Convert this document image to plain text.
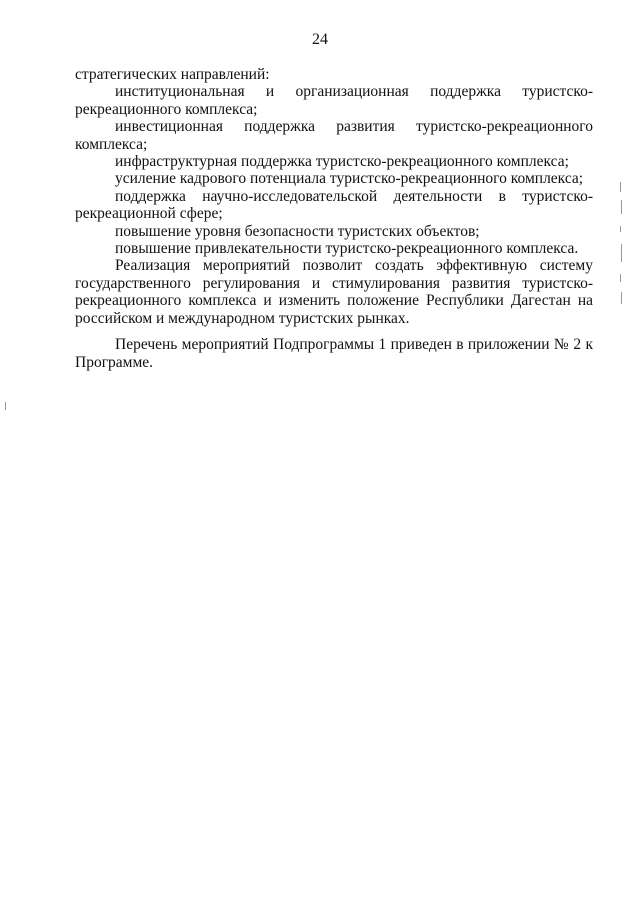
24
стратегических направлений:
институциональная и организационная поддержка туристско-
рекреационного комплекса;
инвестиционная поддержка развития туристско-рекреационного
комплекса;
инфраструктурная поддержка туристско-рекреационного комплекса;
усиление кадрового потенциала туристско-рекреационного комплекса;
поддержка научно-исследовательской деятельности в туристско-
рекреационной сфере;
повышение уровня безопасности туристских объектов;
повышение привлекательности туристско-рекреационного комплекса.
Реализация мероприятий позволит создать эффективную систему
государственного регулирования и стимулирования развития туристско-
рекреационного комплекса и изменить положение Республики Дагестан на
российском и международном туристских рынках.
Перечень мероприятий Подпрограммы 1 приведен в приложении № 2 к
Программе.
